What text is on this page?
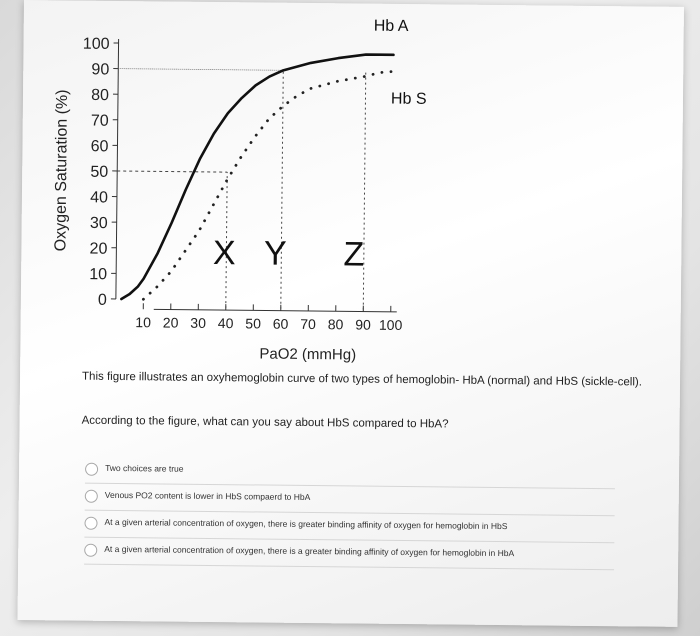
0
10
20
30
40
50
60
70
80
90
100
10 20 30 40 50 60 70 80 90 100
Oxygen Saturation (%)
PaO2 (mmHg)
Hb A
Hb S
X Y Z
This figure illustrates an oxyhemoglobin curve of two types of hemoglobin- HbA (normal) and HbS (sickle-cell).
According to the figure, what can you say about HbS compared to HbA?
Two choices are true
Venous PO2 content is lower in HbS compaerd to HbA
At a given arterial concentration of oxygen, there is greater binding affinity of oxygen for hemoglobin in HbS
At a given arterial concentration of oxygen, there is a greater binding affinity of oxygen for hemoglobin in HbA
